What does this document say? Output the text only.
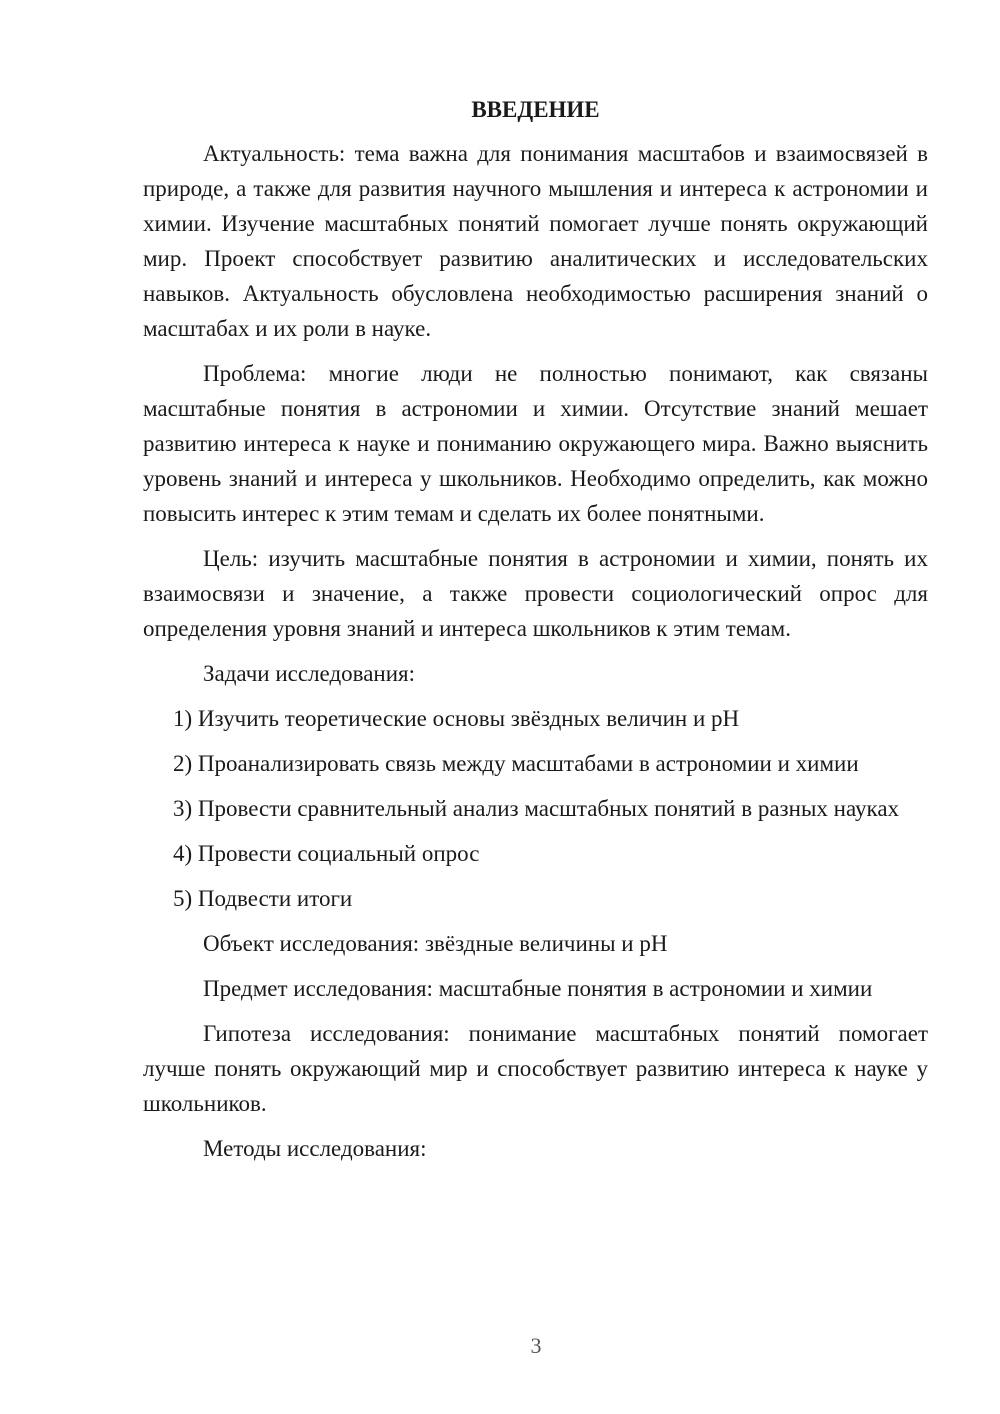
ВВЕДЕНИЕ

Актуальность: тема важна для понимания масштабов и взаимосвязей в природе, а также для развития научного мышления и интереса к астрономии и химии. Изучение масштабных понятий помогает лучше понять окружающий мир. Проект способствует развитию аналитических и исследовательских навыков. Актуальность обусловлена необходимостью расширения знаний о масштабах и их роли в науке.

Проблема: многие люди не полностью понимают, как связаны масштабные понятия в астрономии и химии. Отсутствие знаний мешает развитию интереса к науке и пониманию окружающего мира. Важно выяснить уровень знаний и интереса у школьников. Необходимо определить, как можно повысить интерес к этим темам и сделать их более понятными.

Цель: изучить масштабные понятия в астрономии и химии, понять их взаимосвязи и значение, а также провести социологический опрос для определения уровня знаний и интереса школьников к этим темам.

Задачи исследования:

1) Изучить теоретические основы звёздных величин и pH

2) Проанализировать связь между масштабами в астрономии и химии

3) Провести сравнительный анализ масштабных понятий в разных науках

4) Провести социальный опрос

5) Подвести итоги

Объект исследования: звёздные величины и pH

Предмет исследования: масштабные понятия в астрономии и химии

Гипотеза исследования: понимание масштабных понятий помогает лучше понять окружающий мир и способствует развитию интереса к науке у школьников.

Методы исследования:

3
